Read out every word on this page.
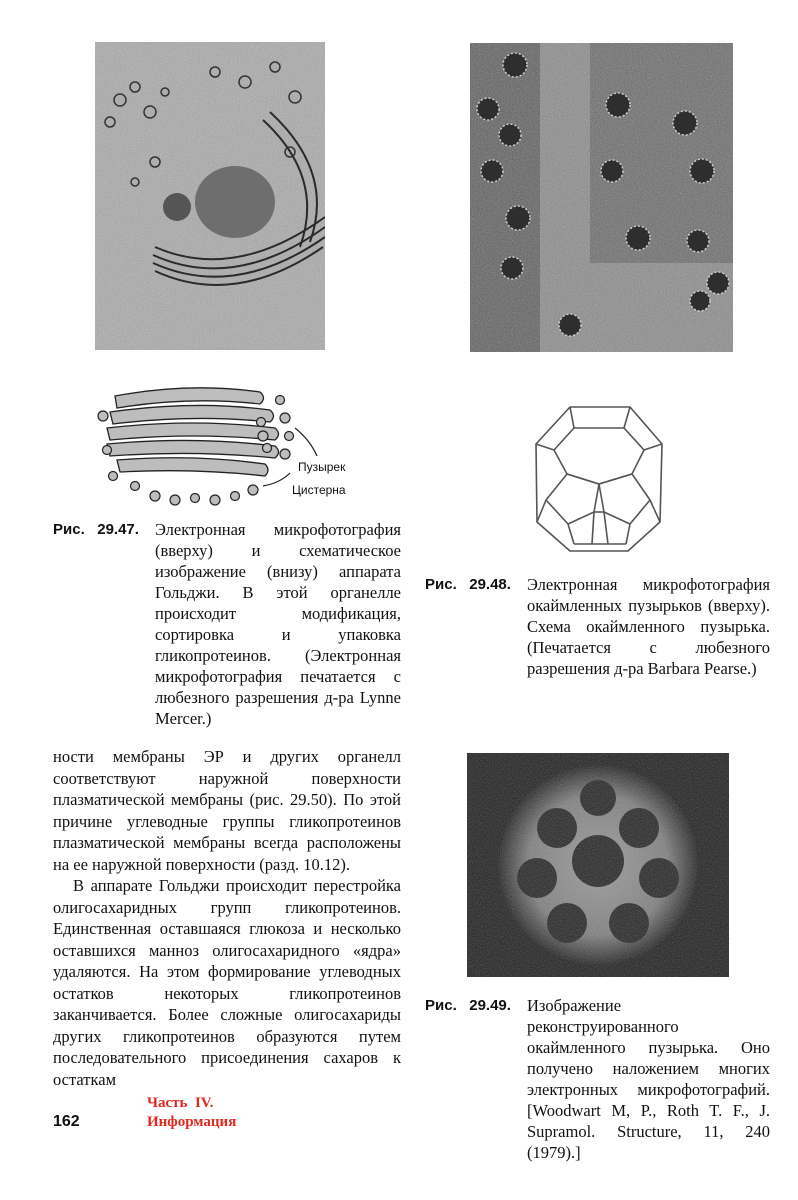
Пузырек
Цистерна
Рис.   29.47. Электронная микрофотография (вверху) и схематическое изображение (внизу) аппарата Гольджи. В этой органелле происходит модификация, сортировка и упаковка гликопротеинов. (Электронная микрофотография печатается с любезного разрешения д-ра Lynne Mercer.)
Рис.   29.48. Электронная микрофотография окаймленных пузырьков (вверху). Схема окаймленного пузырька. (Печатается с любезного разрешения д-ра Barbara Pearse.)

ности мембраны ЭР и других органелл соответствуют наружной поверхности плазматической мембраны (рис. 29.50). По этой причине углеводные группы гликопротеинов плазматической мембраны всегда расположены на ее наружной поверхности (разд. 10.12).

В аппарате Гольджи происходит перестройка олигосахаридных групп гликопротеинов. Единственная оставшаяся глюкоза и несколько оставшихся манноз олигосахаридного «ядра» удаляются. На этом формирование углеводных остатков некоторых гликопротеинов заканчивается. Более сложные олигосахариды других гликопротеинов образуются путем последовательного присоединения сахаров к остаткам

Рис.   29.49. Изображение реконструированного окаймленного пузырька. Оно получено наложением многих электронных микрофотографий. [Woodwart M, P., Roth T. F., J. Supramol. Structure, 11, 240 (1979).]
162
Часть  IV.
Информация
